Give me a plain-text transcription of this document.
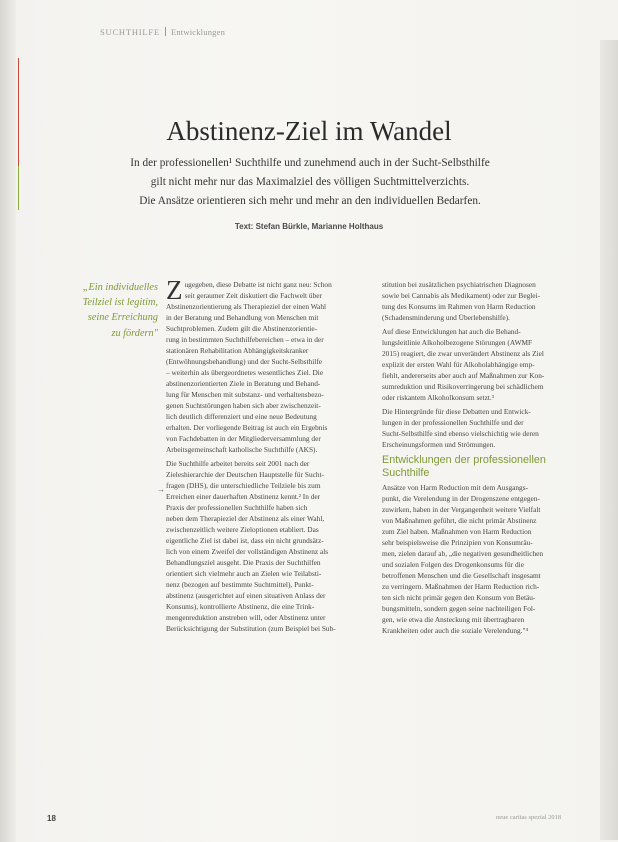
SUCHTHILFE Entwicklungen
Abstinenz-Ziel im Wandel

In der professionellen¹ Suchthilfe und zunehmend auch in der Sucht-Selbsthilfe

gilt nicht mehr nur das Maximalziel des völligen Suchtmittelverzichts.

Die Ansätze orientieren sich mehr und mehr an den individuellen Bedarfen.

Text: Stefan Bürkle, Marianne Holthaus

„Ein individuelles

Teilziel ist legitim,

seine Erreichung

zu fördern"

Z ugegeben, diese Debatte ist nicht ganz neu: Schon

seit geraumer Zeit diskutiert die Fachwelt über

Abstinenzorientierung als Therapieziel der einen Wahl

in der Beratung und Behandlung von Menschen mit

Suchtproblemen. Zudem gilt die Abstinenzorientie-

rung in bestimmten Suchthilfebereichen – etwa in der

stationären Rehabilitation Abhängigkeitskranker

(Entwöhnungsbehandlung) und der Sucht-Selbsthilfe

– weiterhin als übergeordnetes wesentliches Ziel. Die

abstinenzorientierten Ziele in Beratung und Behand-

lung für Menschen mit substanz- und verhaltensbezo-

genen Suchtstörungen haben sich aber zwischenzeit-

lich deutlich differenziert und eine neue Bedeutung

erhalten. Der vorliegende Beitrag ist auch ein Ergebnis

von Fachdebatten in der Mitgliederversammlung der

Arbeitsgemeinschaft katholische Suchthilfe (AKS).

Die Suchthilfe arbeitet bereits seit 2001 nach der

Zieleshierarchie der Deutschen Hauptstelle für Sucht-

fragen (DHS), die unterschiedliche Teilziele bis zum

Erreichen einer dauerhaften Abstinenz kennt.² In der

Praxis der professionellen Suchthilfe haben sich

neben dem Therapieziel der Abstinenz als einer Wahl,

zwischenzeitlich weitere Zieloptionen etabliert. Das

eigentliche Ziel ist dabei ist, dass ein nicht grundsätz-

lich von einem Zweifel der vollständigen Abstinenz als

Behandlungsziel ausgeht. Die Praxis der Suchthilfen

orientiert sich vielmehr auch an Zielen wie Teilabsti-

nenz (bezogen auf bestimmte Suchtmittel), Punkt-

abstinenz (ausgerichtet auf einen situativen Anlass der

Konsums), kontrollierte Abstinenz, die eine Trink-

mengenreduktion anstreben will, oder Abstinenz unter

Berücksichtigung der Substitution (zum Beispiel bei Sub-

→

stitution bei zusätzlichen psychiatrischen Diagnosen

sowie bei Cannabis als Medikament) oder zur Beglei-

tung des Konsums im Rahmen von Harm Reduction

(Schadensminderung und Überlebenshilfe).

Auf diese Entwicklungen hat auch die Behand-

lungsleitlinie Alkoholbezogene Störungen (AWMF

2015) reagiert, die zwar unverändert Abstinenz als Ziel

explizit der ersten Wahl für Alkoholabhängige emp-

fiehlt, andererseits aber auch auf Maßnahmen zur Kon-

sumreduktion und Risikoverringerung bei schädlichem

oder riskantem Alkoholkonsum setzt.³

Die Hintergründe für diese Debatten und Entwick-

lungen in der professionellen Suchthilfe und der

Sucht-Selbsthilfe sind ebenso vielschichtig wie deren

Erscheinungsformen und Strömungen.

Entwicklungen der professionellen
Suchthilfe

Ansätze von Harm Reduction mit dem Ausgangs-

punkt, die Verelendung in der Drogenszene entgegen-

zuwirken, haben in der Vergangenheit weitere Vielfalt

von Maßnahmen geführt, die nicht primär Abstinenz

zum Ziel haben. Maßnahmen von Harm Reduction

sehr beispielsweise die Prinzipien von Konsumräu-

men, zielen darauf ab, „die negativen gesundheitlichen

und sozialen Folgen des Drogenkonsums für die

betroffenen Menschen und die Gesellschaft insgesamt

zu verringern. Maßnahmen der Harm Reduction rich-

ten sich nicht primär gegen den Konsum von Betäu-

bungsmitteln, sondern gegen seine nachteiligen Fol-

gen, wie etwa die Ansteckung mit übertragbaren

Krankheiten oder auch die soziale Verelendung."⁴

18	neue caritas spezial 2018
